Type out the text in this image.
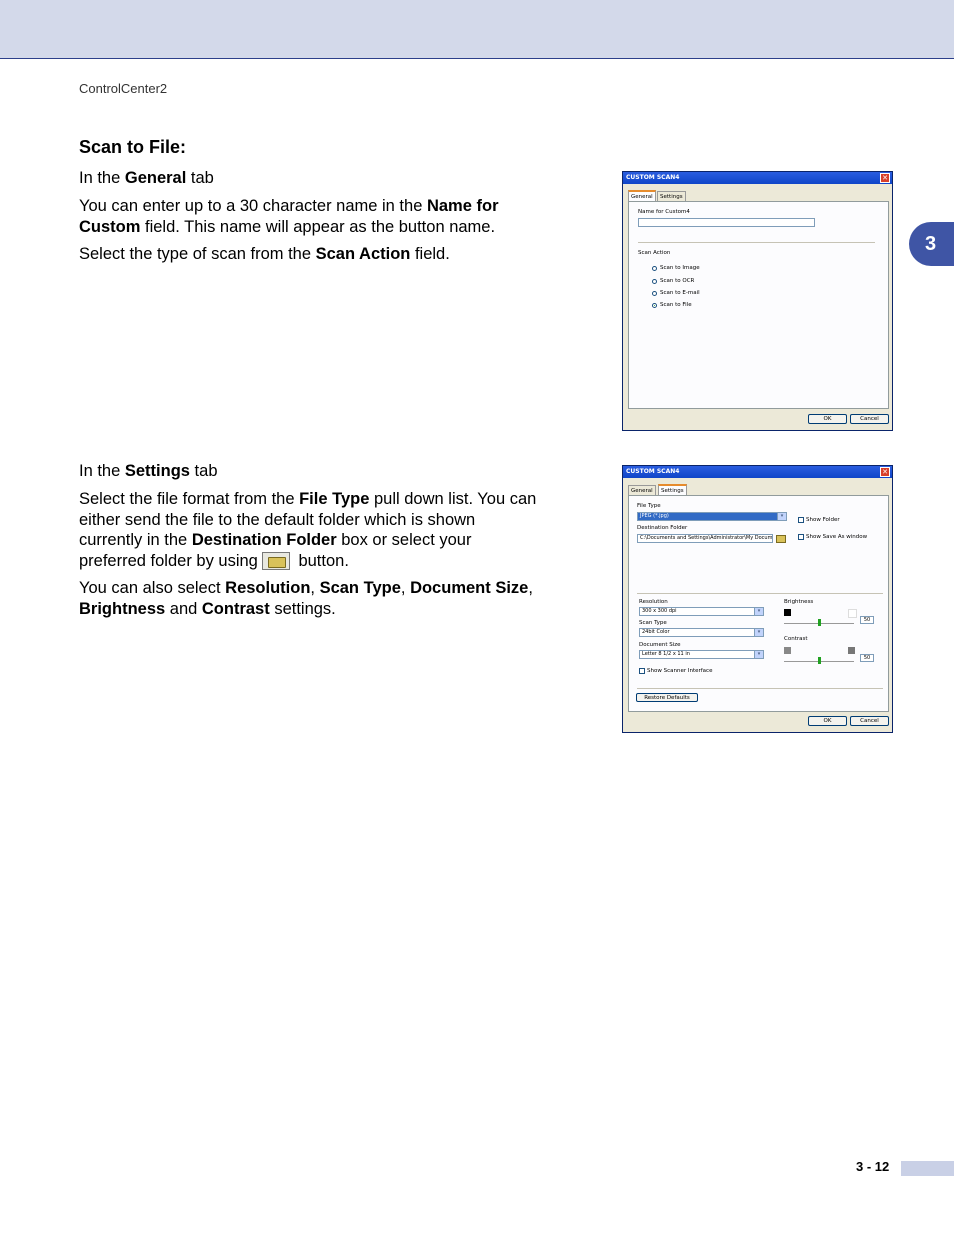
ControlCenter2
3
Scan to File:
In the General tab
You can enter up to a 30 character name in the Name for Custom field. This name will appear as the button name.
Select the type of scan from the Scan Action field.
In the Settings tab
Select the file format from the File Type pull down list. You can either send the file to the default folder which is shown currently in the Destination Folder box or select your preferred folder by using button.
You can also select Resolution, Scan Type, Document Size, Brightness and Contrast settings.
CUSTOM SCAN4	✕
General	Settings
Name for Custom4
Scan Action
Scan to Image
Scan to OCR
Scan to E-mail
Scan to File
OK	Cancel
CUSTOM SCAN4	✕
General	Settings
File Type
JPEG (*.jpg)	▾
Destination Folder
C:\Documents and Settings\Administrator\My Docum
Show Folder
Show Save As window
Resolution
300 x 300 dpi	▾
Scan Type
24bit Color	▾
Document Size
Letter 8 1/2 x 11 in	▾
Show Scanner Interface
Brightness
50
Contrast
50
Restore Defaults
OK	Cancel
3 - 12
